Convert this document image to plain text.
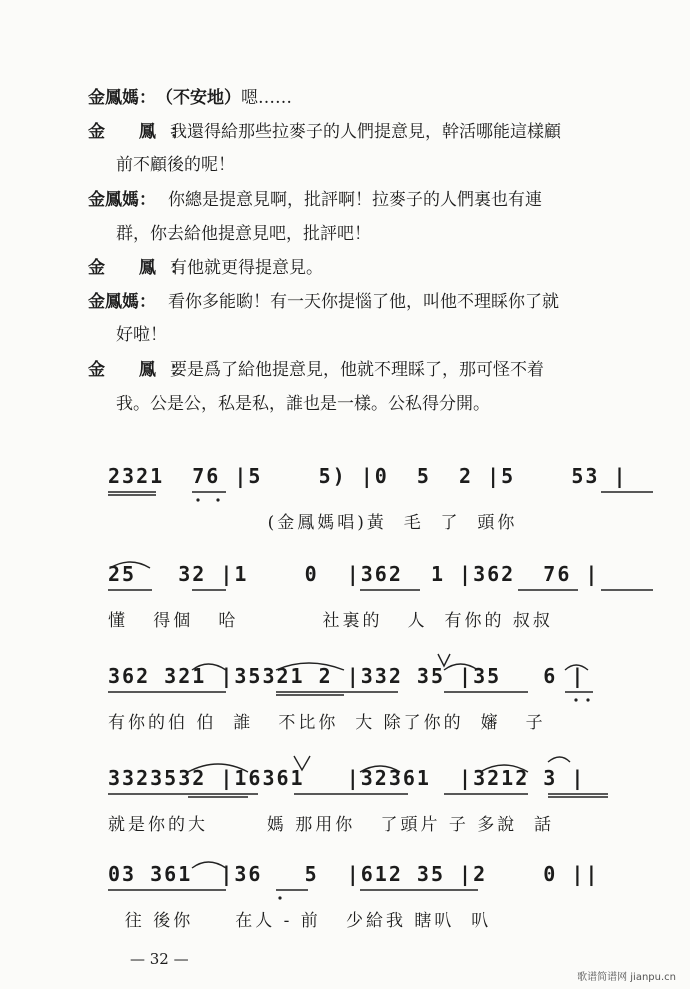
金鳳媽：（不安地）嗯……
金 鳳：我還得給那些拉麥子的人們提意見，幹活哪能這樣顧
前不顧後的呢！
金鳳媽： 你總是提意見啊，批評啊！拉麥子的人們裏也有連
群，你去給他提意見吧，批評吧！
金 鳳：有他就更得提意見。
金鳳媽： 看你多能喲！有一天你提惱了他，叫他不理睬你了就
好啦！
金 鳳：要是爲了給他提意見，他就不理睬了，那可怪不着
我。公是公，私是私，誰也是一樣。公私得分開。
2321  76 |5    5) |0  5  2 |5    53 |
(金鳳媽唱)黃  毛  了  頭你
25   32 |1    0  |362  1 |362  76 |
懂   得個   哈          社裏的   人  有你的 叔叔
362 321 |35321 2 |332 35 |35   6 |
有你的伯 伯  誰   不比你  大 除了你的  嬸   子
3323532 |16361   |32361  |3212 3 |
就是你的大       媽 那用你   了頭片 子 多說  話
03 361  |36   5  |612 35 |2    0 ||
往 後你     在人 - 前   少給我 瞎叭  叭
— 32 —
歌谱简谱网 jianpu.cn
